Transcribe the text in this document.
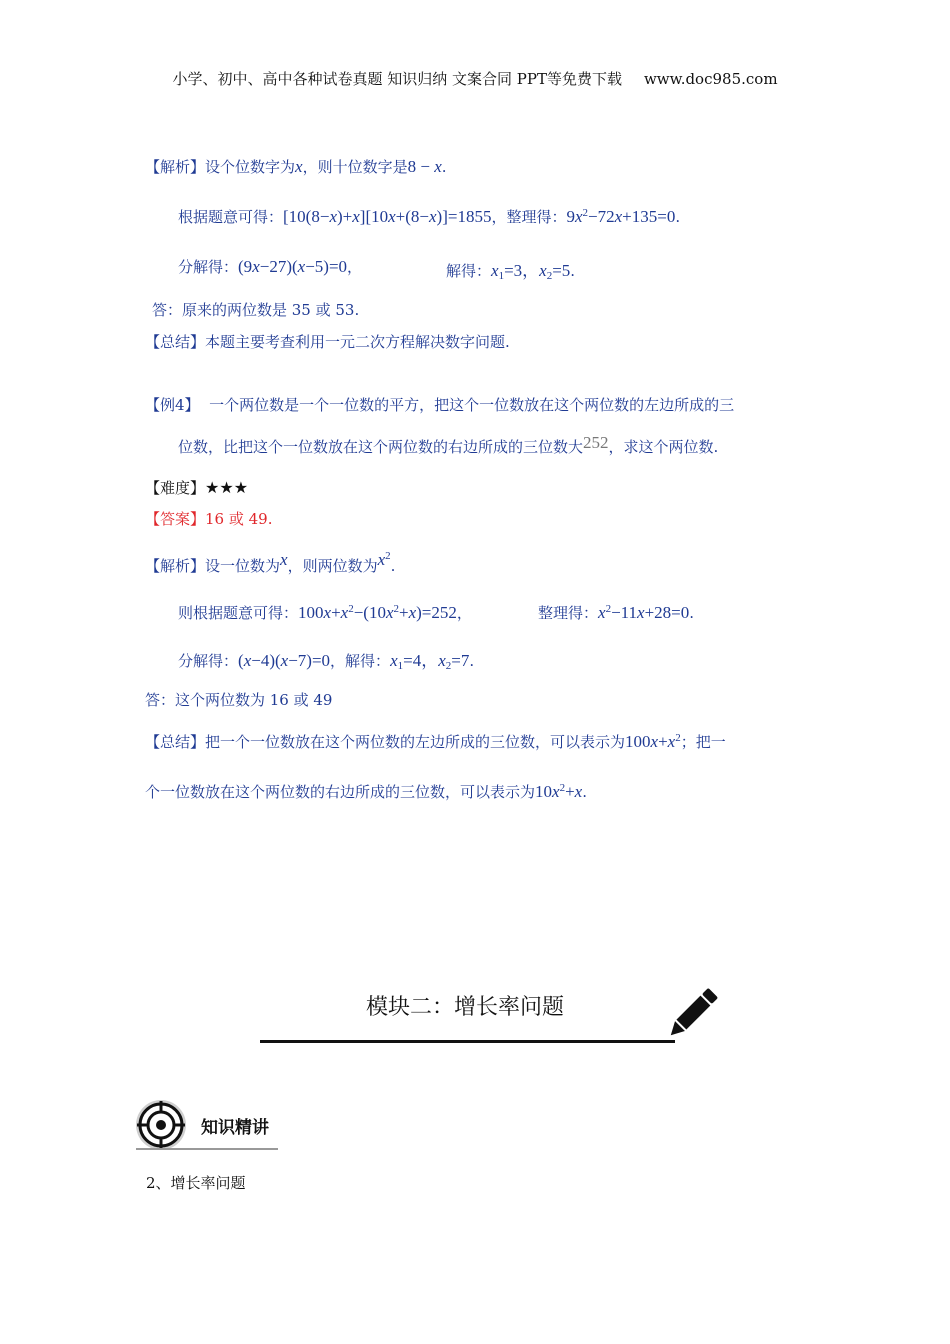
小学、初中、高中各种试卷真题 知识归纳 文案合同 PPT等免费下载 www.doc985.com
【解析】设个位数字为x，则十位数字是8 − x.
根据题意可得：[10(8−x)+x][10x+(8−x)]=1855，整理得：$9x^2-72x+135=0$.
分解得：(9x−27)(x−5)=0，	解得：$x_1=3$，$x_2=5$.
答：原来的两位数是 35 或 53.
【总结】本题主要考查利用一元二次方程解决数字问题.
【例4】 一个两位数是一个一位数的平方，把这个一位数放在这个两位数的左边所成的三
位数，比把这个一位数放在这个两位数的右边所成的三位数大252，求这个两位数.
【难度】★★★
【答案】16 或 49.
【解析】设一位数为x，则两位数为$x^2$.
则根据题意可得：$100x+x^2-(10x^2+x)=252$，	整理得：$x^2-11x+28=0$.
分解得：(x−4)(x−7)=0，解得：$x_1=4$，$x_2=7$.
答：这个两位数为 16 或 49
【总结】把一个一位数放在这个两位数的左边所成的三位数，可以表示为$100x+x^2$；把一
个一位数放在这个两位数的右边所成的三位数，可以表示为$10x^2+x$.
模块二：增长率问题
知识精讲
2、增长率问题
